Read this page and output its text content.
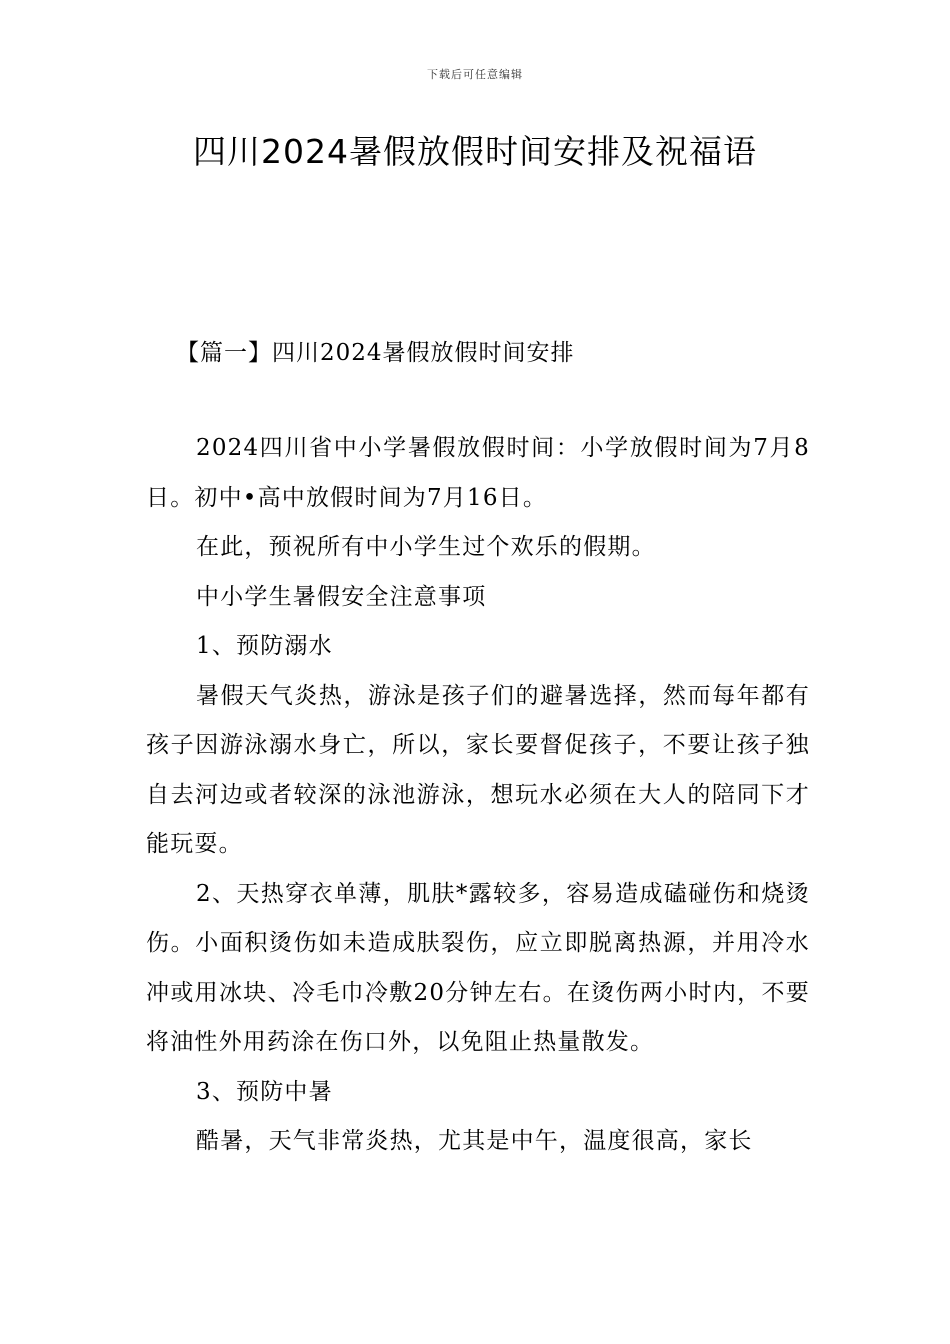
下载后可任意编辑
四川2024暑假放假时间安排及祝福语
【篇一】四川2024暑假放假时间安排

2024四川省中小学暑假放假时间：小学放假时间为7月8日。初中•高中放假时间为7月16日。

在此，预祝所有中小学生过个欢乐的假期。

中小学生暑假安全注意事项

1、预防溺水

暑假天气炎热，游泳是孩子们的避暑选择，然而每年都有孩子因游泳溺水身亡，所以，家长要督促孩子，不要让孩子独自去河边或者较深的泳池游泳，想玩水必须在大人的陪同下才能玩耍。

2、天热穿衣单薄，肌肤*露较多，容易造成磕碰伤和烧烫伤。小面积烫伤如未造成肤裂伤，应立即脱离热源，并用冷水冲或用冰块、冷毛巾冷敷20分钟左右。在烫伤两小时内，不要将油性外用药涂在伤口外，以免阻止热量散发。

3、预防中暑

酷暑，天气非常炎热，尤其是中午，温度很高，家长
